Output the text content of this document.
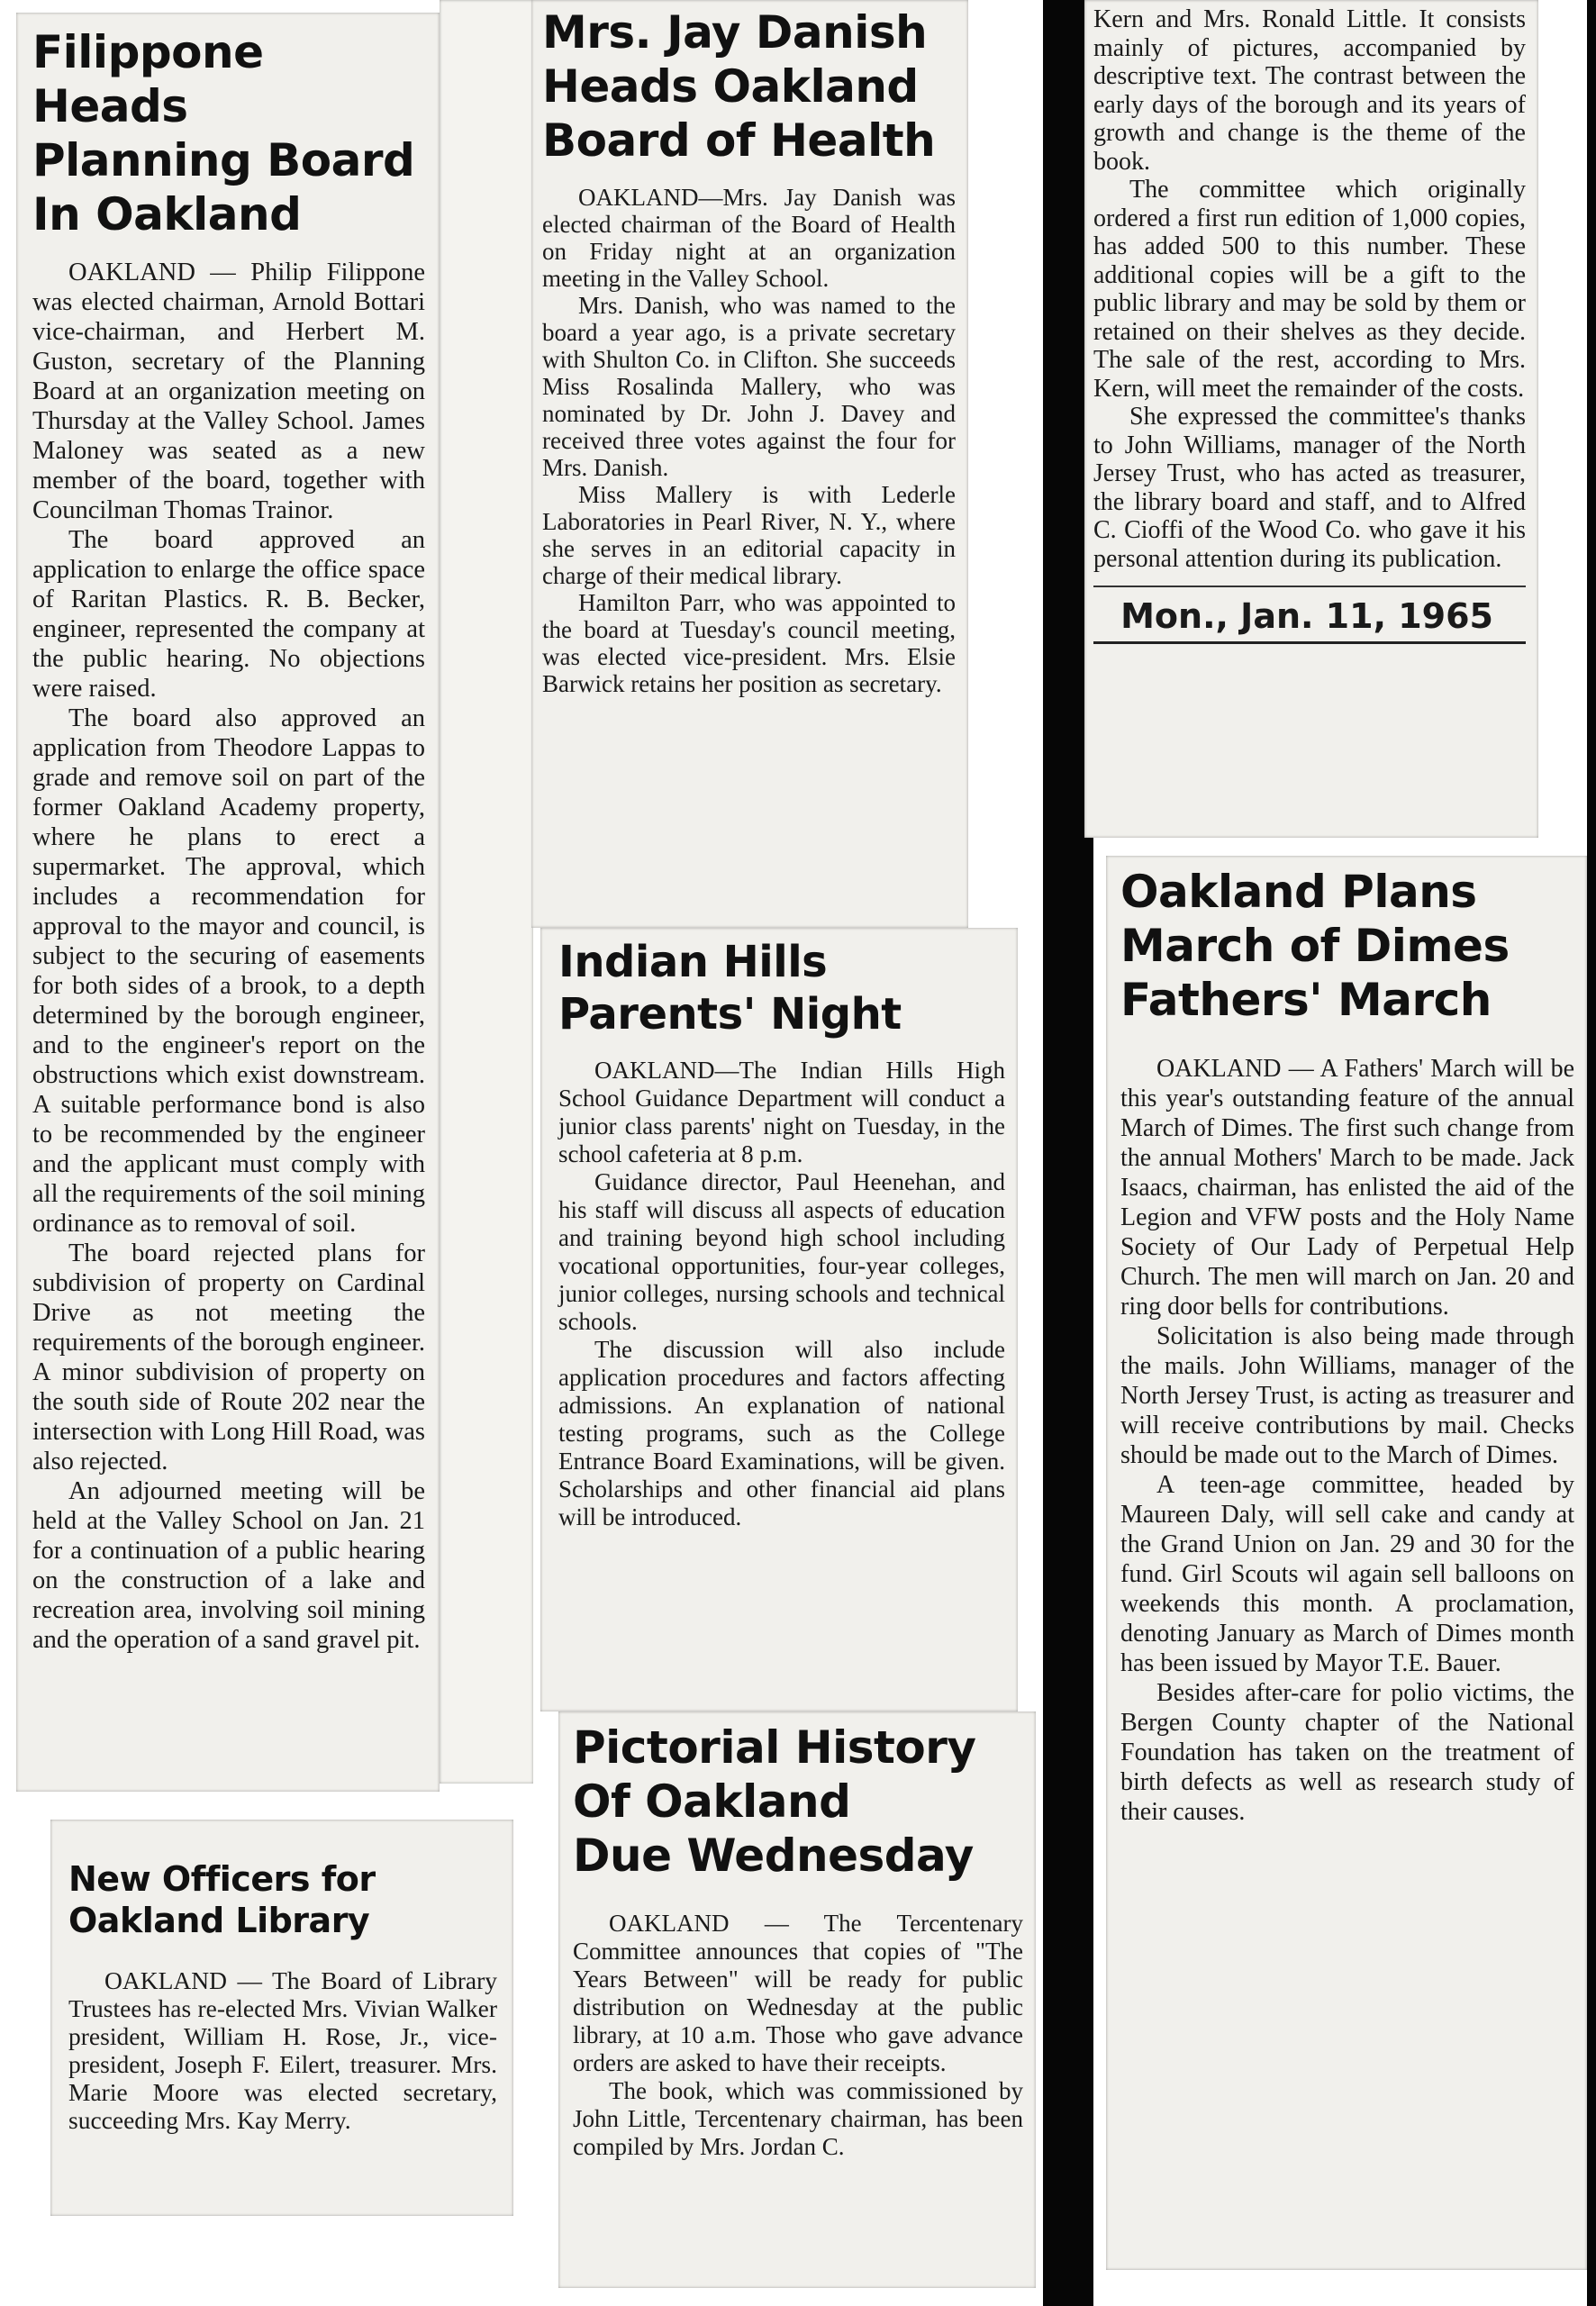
Filippone Heads
Planning Board
In Oakland

OAKLAND — Philip Filippone was elected chairman, Arnold Bottari vice-chairman, and Herbert M. Guston, secretary of the Planning Board at an organization meeting on Thursday at the Valley School. James Maloney was seated as a new member of the board, together with Councilman Thomas Trainor.

The board approved an application to enlarge the office space of Raritan Plastics. R. B. Becker, engineer, represented the company at the public hearing. No objections were raised.

The board also approved an application from Theodore Lappas to grade and remove soil on part of the former Oakland Academy property, where he plans to erect a supermarket. The approval, which includes a recommendation for approval to the mayor and council, is subject to the securing of easements for both sides of a brook, to a depth determined by the borough engineer, and to the engineer's report on the obstructions which exist downstream. A suitable performance bond is also to be recommended by the engineer and the applicant must comply with all the requirements of the soil mining ordinance as to removal of soil.

The board rejected plans for subdivision of property on Cardinal Drive as not meeting the requirements of the borough engineer. A minor subdivision of property on the south side of Route 202 near the intersection with Long Hill Road, was also rejected.

An adjourned meeting will be held at the Valley School on Jan. 21 for a continuation of a public hearing on the construction of a lake and recreation area, involving soil mining and the operation of a sand gravel pit.

New Officers for
Oakland Library

OAKLAND — The Board of Library Trustees has re-elected Mrs. Vivian Walker president, William H. Rose, Jr., vice-president, Joseph F. Eilert, treasurer. Mrs. Marie Moore was elected secretary, succeeding Mrs. Kay Merry.

Mrs. Jay Danish
Heads Oakland
Board of Health

OAKLAND—Mrs. Jay Danish was elected chairman of the Board of Health on Friday night at an organization meeting in the Valley School.

Mrs. Danish, who was named to the board a year ago, is a private secretary with Shulton Co. in Clifton. She succeeds Miss Rosalinda Mallery, who was nominated by Dr. John J. Davey and received three votes against the four for Mrs. Danish.

Miss Mallery is with Lederle Laboratories in Pearl River, N. Y., where she serves in an editorial capacity in charge of their medical library.

Hamilton Parr, who was appointed to the board at Tuesday's council meeting, was elected vice-president. Mrs. Elsie Barwick retains her position as secretary.

Indian Hills
Parents' Night

OAKLAND—The Indian Hills High School Guidance Department will conduct a junior class parents' night on Tuesday, in the school cafeteria at 8 p.m.

Guidance director, Paul Heenehan, and his staff will discuss all aspects of education and training beyond high school including vocational opportunities, four-year colleges, junior colleges, nursing schools and technical schools.

The discussion will also include application procedures and factors affecting admissions. An explanation of national testing programs, such as the College Entrance Board Examinations, will be given. Scholarships and other financial aid plans will be introduced.

Pictorial History
Of Oakland
Due Wednesday

OAKLAND — The Tercentenary Committee announces that copies of "The Years Between" will be ready for public distribution on Wednesday at the public library, at 10 a.m. Those who gave advance orders are asked to have their receipts.

The book, which was commissioned by John Little, Tercentenary chairman, has been compiled by Mrs. Jordan C.

Kern and Mrs. Ronald Little. It consists mainly of pictures, accompanied by descriptive text. The contrast between the early days of the borough and its years of growth and change is the theme of the book.

The committee which originally ordered a first run edition of 1,000 copies, has added 500 to this number. These additional copies will be a gift to the public library and may be sold by them or retained on their shelves as they decide. The sale of the rest, according to Mrs. Kern, will meet the remainder of the costs.

She expressed the committee's thanks to John Williams, manager of the North Jersey Trust, who has acted as treasurer, the library board and staff, and to Alfred C. Cioffi of the Wood Co. who gave it his personal attention during its publication.

Mon., Jan. 11, 1965
Oakland Plans
March of Dimes
Fathers' March

OAKLAND — A Fathers' March will be this year's outstanding feature of the annual March of Dimes. The first such change from the annual Mothers' March to be made. Jack Isaacs, chairman, has enlisted the aid of the Legion and VFW posts and the Holy Name Society of Our Lady of Perpetual Help Church. The men will march on Jan. 20 and ring door bells for contributions.

Solicitation is also being made through the mails. John Williams, manager of the North Jersey Trust, is acting as treasurer and will receive contributions by mail. Checks should be made out to the March of Dimes.

A teen-age committee, headed by Maureen Daly, will sell cake and candy at the Grand Union on Jan. 29 and 30 for the fund. Girl Scouts wil again sell balloons on weekends this month. A proclamation, denoting January as March of Dimes month has been issued by Mayor T.E. Bauer.

Besides after-care for polio victims, the Bergen County chapter of the National Foundation has taken on the treatment of birth defects as well as research study of their causes.
